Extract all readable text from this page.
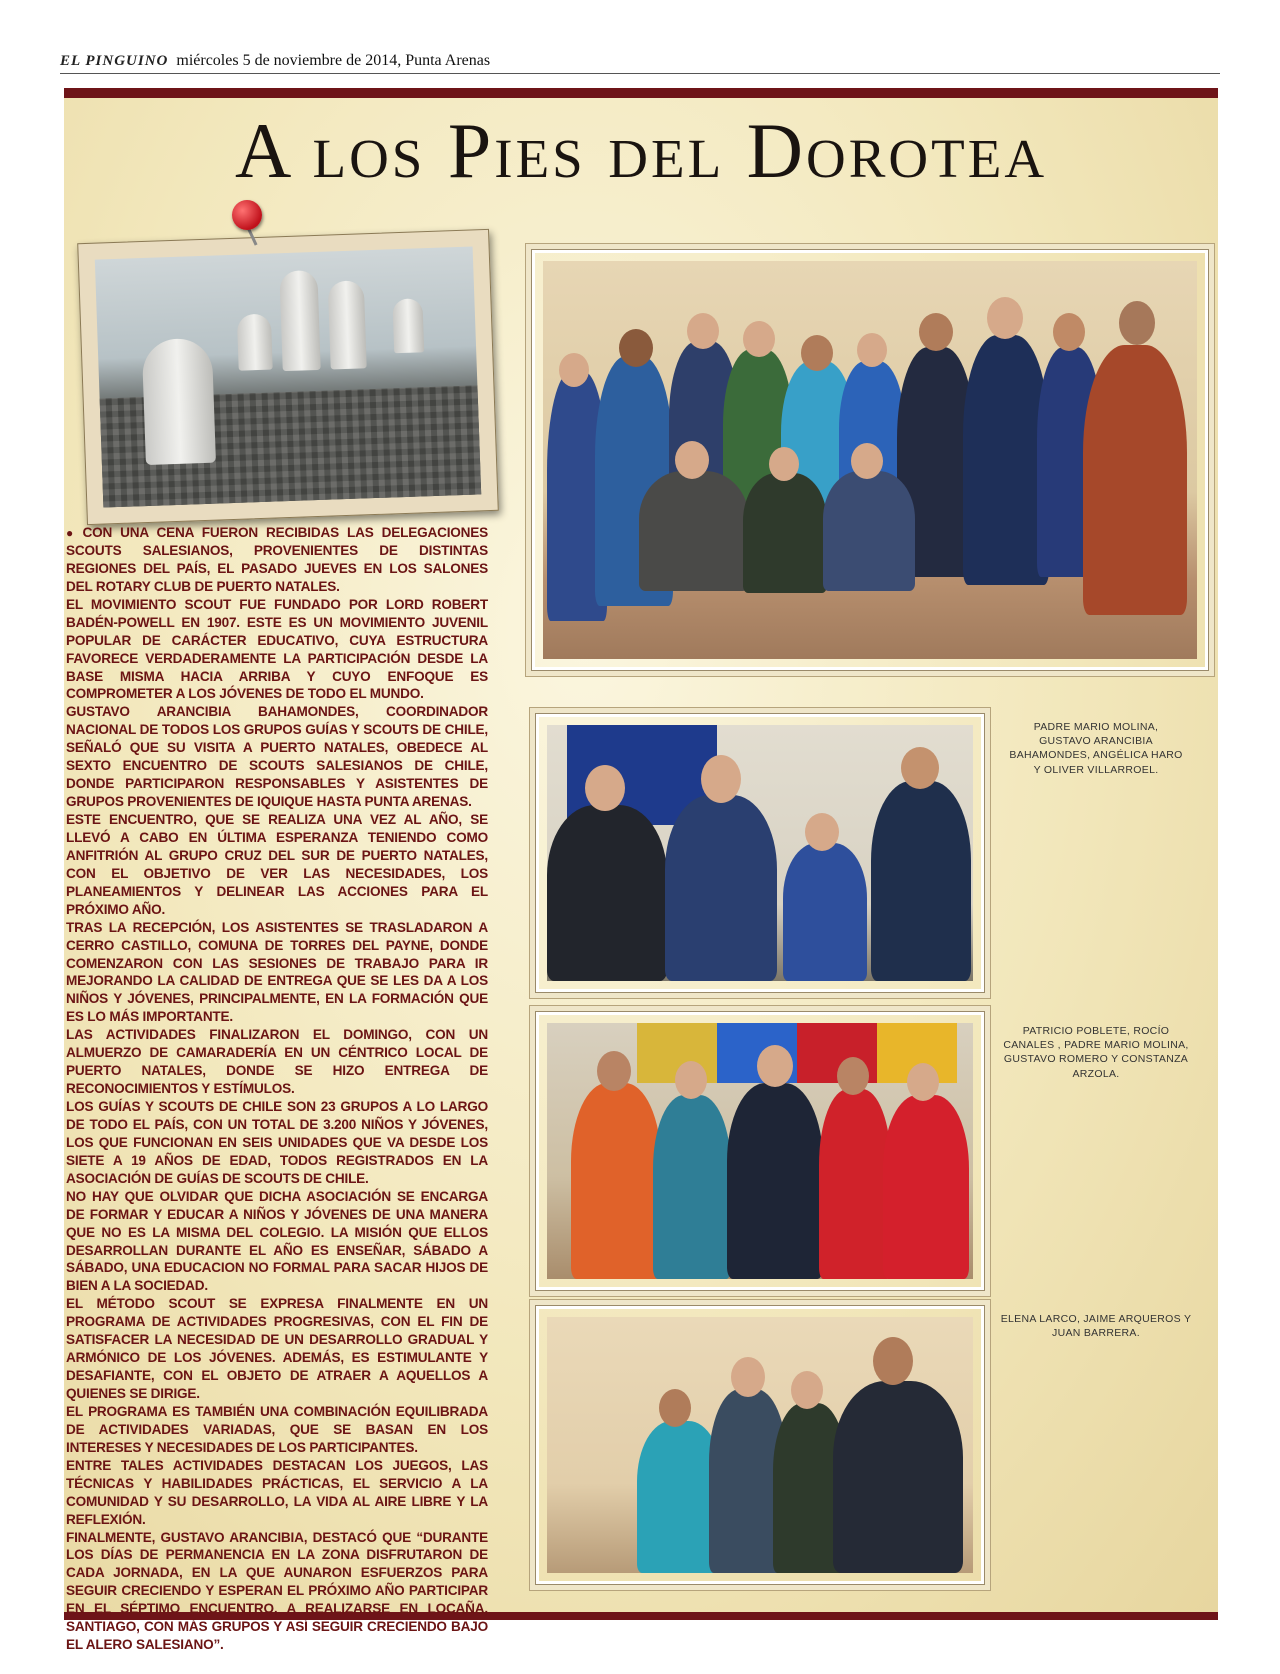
EL PINGUINO miércoles 5 de noviembre de 2014, Punta Arenas
A los Pies del Dorotea

● CON UNA CENA FUERON RECIBIDAS LAS DELEGACIONES SCOUTS SALESIANOS, PROVENIENTES DE DISTINTAS REGIONES DEL PAÍS, EL PASADO JUEVES EN LOS SALONES DEL ROTARY CLUB DE PUERTO NATALES.

EL MOVIMIENTO SCOUT FUE FUNDADO POR LORD ROBERT BADÉN-POWELL EN 1907. ESTE ES UN MOVIMIENTO JUVENIL POPULAR DE CARÁCTER EDUCATIVO, CUYA ESTRUCTURA FAVORECE VERDADERAMENTE LA PARTICIPACIÓN DESDE LA BASE MISMA HACIA ARRIBA Y CUYO ENFOQUE ES COMPROMETER A LOS JÓVENES DE TODO EL MUNDO.

GUSTAVO ARANCIBIA BAHAMONDES, COORDINADOR NACIONAL DE TODOS LOS GRUPOS GUÍAS Y SCOUTS DE CHILE, SEÑALÓ QUE SU VISITA A PUERTO NATALES, OBEDECE AL SEXTO ENCUENTRO DE SCOUTS SALESIANOS DE CHILE, DONDE PARTICIPARON RESPONSABLES Y ASISTENTES DE GRUPOS PROVENIENTES DE IQUIQUE HASTA PUNTA ARENAS.

ESTE ENCUENTRO, QUE SE REALIZA UNA VEZ AL AÑO, SE LLEVÓ A CABO EN ÚLTIMA ESPERANZA TENIENDO COMO ANFITRIÓN AL GRUPO CRUZ DEL SUR DE PUERTO NATALES, CON EL OBJETIVO DE VER LAS NECESIDADES, LOS PLANEAMIENTOS Y DELINEAR LAS ACCIONES PARA EL PRÓXIMO AÑO.

TRAS LA RECEPCIÓN, LOS ASISTENTES SE TRASLADARON A CERRO CASTILLO, COMUNA DE TORRES DEL PAYNE, DONDE COMENZARON CON LAS SESIONES DE TRABAJO PARA IR MEJORANDO LA CALIDAD DE ENTREGA QUE SE LES DA A LOS NIÑOS Y JÓVENES, PRINCIPALMENTE, EN LA FORMACIÓN QUE ES LO MÁS IMPORTANTE.

LAS ACTIVIDADES FINALIZARON EL DOMINGO, CON UN ALMUERZO DE CAMARADERÍA EN UN CÉNTRICO LOCAL DE PUERTO NATALES, DONDE SE HIZO ENTREGA DE RECONOCIMIENTOS Y ESTÍMULOS.

LOS GUÍAS Y SCOUTS DE CHILE SON 23 GRUPOS A LO LARGO DE TODO EL PAÍS, CON UN TOTAL DE 3.200 NIÑOS Y JÓVENES, LOS QUE FUNCIONAN EN SEIS UNIDADES QUE VA DESDE LOS SIETE A 19 AÑOS DE EDAD, TODOS REGISTRADOS EN LA ASOCIACIÓN DE GUÍAS DE SCOUTS DE CHILE.

NO HAY QUE OLVIDAR QUE DICHA ASOCIACIÓN SE ENCARGA DE FORMAR Y EDUCAR A NIÑOS Y JÓVENES DE UNA MANERA QUE NO ES LA MISMA DEL COLEGIO. LA MISIÓN QUE ELLOS DESARROLLAN DURANTE EL AÑO ES ENSEÑAR, SÁBADO A SÁBADO, UNA EDUCACION NO FORMAL PARA SACAR HIJOS DE BIEN A LA SOCIEDAD.

EL MÉTODO SCOUT SE EXPRESA FINALMENTE EN UN PROGRAMA DE ACTIVIDADES PROGRESIVAS, CON EL FIN DE SATISFACER LA NECESIDAD DE UN DESARROLLO GRADUAL Y ARMÓNICO DE LOS JÓVENES. ADEMÁS, ES ESTIMULANTE Y DESAFIANTE, CON EL OBJETO DE ATRAER A AQUELLOS A QUIENES SE DIRIGE.

EL PROGRAMA ES TAMBIÉN UNA COMBINACIÓN EQUILIBRADA DE ACTIVIDADES VARIADAS, QUE SE BASAN EN LOS INTERESES Y NECESIDADES DE LOS PARTICIPANTES.

ENTRE TALES ACTIVIDADES DESTACAN LOS JUEGOS, LAS TÉCNICAS Y HABILIDADES PRÁCTICAS, EL SERVICIO A LA COMUNIDAD Y SU DESARROLLO, LA VIDA AL AIRE LIBRE Y LA REFLEXIÓN.

FINALMENTE, GUSTAVO ARANCIBIA, DESTACÓ QUE “DURANTE LOS DÍAS DE PERMANENCIA EN LA ZONA DISFRUTARON DE CADA JORNADA, EN LA QUE AUNARON ESFUERZOS PARA SEGUIR CRECIENDO Y ESPERAN EL PRÓXIMO AÑO PARTICIPAR EN EL SÉPTIMO ENCUENTRO, A REALIZARSE EN LOCAÑA, SANTIAGO, CON MÁS GRUPOS Y ASÍ SEGUIR CRECIENDO BAJO EL ALERO SALESIANO”.

PADRE MARIO MOLINA, GUSTAVO ARANCIBIA BAHAMONDES, ANGÉLICA HARO Y OLIVER VILLARROEL.
PATRICIO POBLETE, ROCÍO CANALES , PADRE MARIO MOLINA, GUSTAVO ROMERO Y CONSTANZA ARZOLA.
ELENA LARCO, JAIME ARQUEROS Y JUAN BARRERA.
